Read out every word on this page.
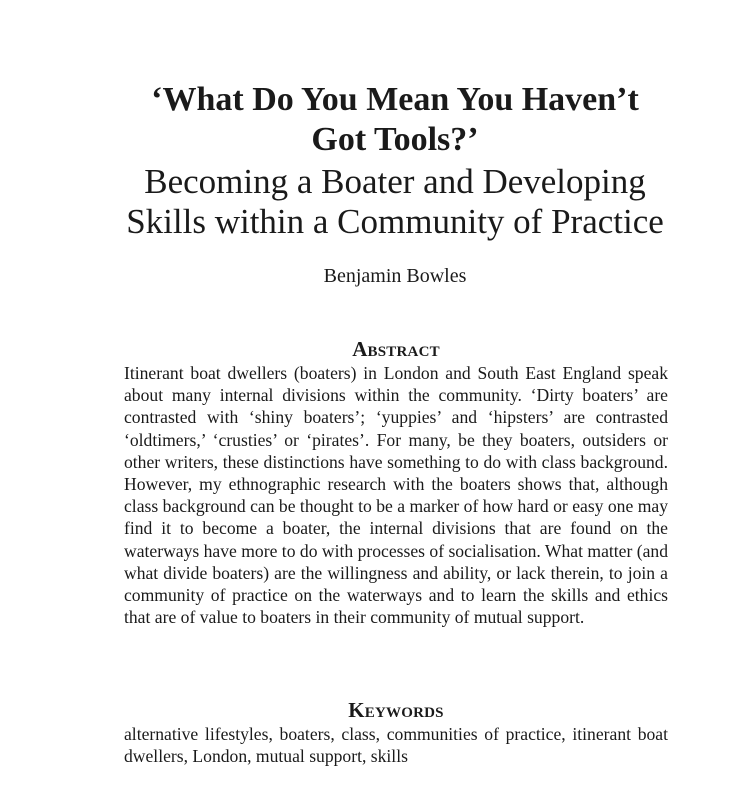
‘What Do You Mean You Haven’t Got Tools?’
Becoming a Boater and Developing Skills within a Community of Practice
Benjamin Bowles
Abstract

Itinerant boat dwellers (boaters) in London and South East England speak about many internal divisions within the community. ‘Dirty boaters’ are contrasted with ‘shiny boaters’; ‘yuppies’ and ‘hipsters’ are contrasted ‘oldtimers,’ ‘crusties’ or ‘pirates’. For many, be they boaters, outsiders or other writers, these distinctions have something to do with class background. However, my ethnographic research with the boaters shows that, although class background can be thought to be a marker of how hard or easy one may find it to become a boater, the internal divisions that are found on the waterways have more to do with processes of socialisation. What matter (and what divide boaters) are the willingness and ability, or lack therein, to join a community of practice on the waterways and to learn the skills and ethics that are of value to boaters in their community of mutual support.

Keywords

alternative lifestyles, boaters, class, communities of practice, itinerant boat dwellers, London, mutual support, skills
